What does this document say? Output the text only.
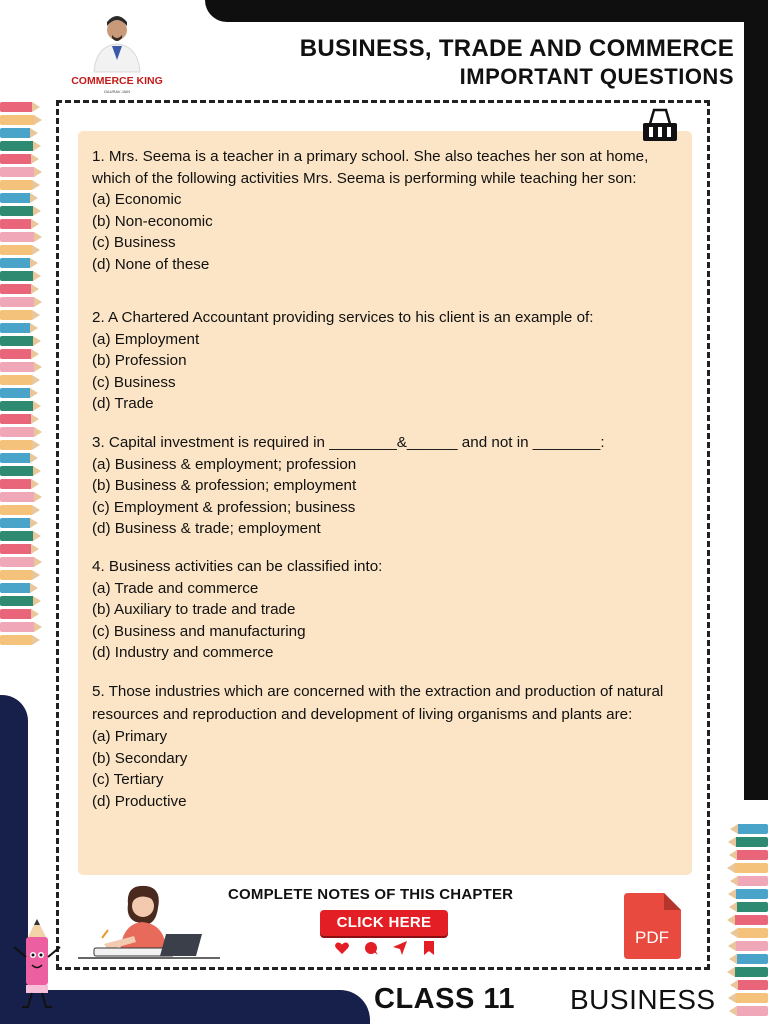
COMMERCE KING
GAURAV JAIN
BUSINESS, TRADE AND COMMERCE
IMPORTANT QUESTIONS
1. Mrs. Seema is a teacher in a primary school. She also teaches her son at home, which of the following activities Mrs. Seema is performing while teaching her son:
(a) Economic
(b) Non-economic
(c) Business
(d) None of these
2. A Chartered Accountant providing services to his client is an example of:
(a) Employment
(b) Profession
(c) Business
(d) Trade
3. Capital investment is required in ________&______ and not in ________:
(a) Business & employment; profession
(b) Business & profession; employment
(c) Employment & profession; business
(d) Business & trade; employment
4. Business activities can be classified into:
(a) Trade and commerce
(b) Auxiliary to trade and trade
(c) Business and manufacturing
(d) Industry and commerce
5. Those industries which are concerned with the extraction and production of natural resources and reproduction and development of living organisms and plants are:
(a) Primary
(b) Secondary
(c) Tertiary
(d) Productive
COMPLETE NOTES OF THIS CHAPTER
CLICK HERE
PDF
CLASS 11 BUSINESS
